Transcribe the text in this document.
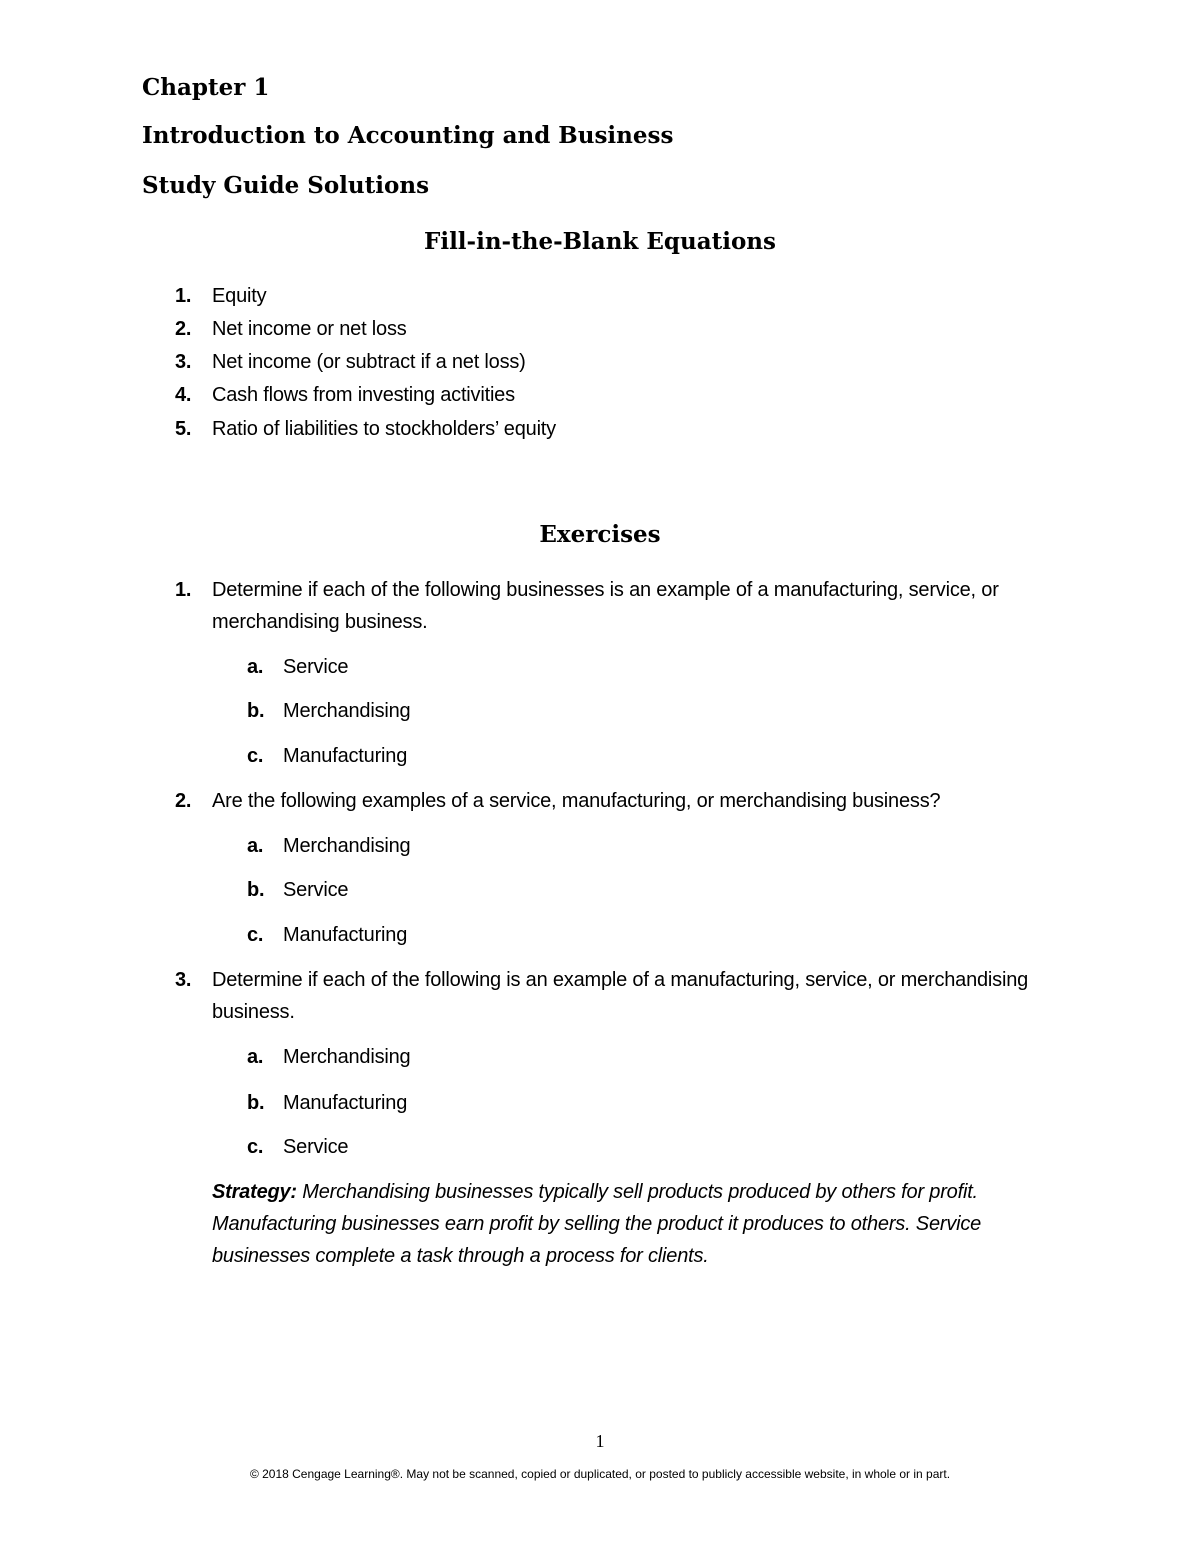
Chapter 1
Introduction to Accounting and Business
Study Guide Solutions
Fill-in-the-Blank Equations
1. Equity
2. Net income or net loss
3. Net income (or subtract if a net loss)
4. Cash flows from investing activities
5. Ratio of liabilities to stockholders’ equity
Exercises
1. Determine if each of the following businesses is an example of a manufacturing, service, or merchandising business.
a. Service
b. Merchandising
c. Manufacturing
2. Are the following examples of a service, manufacturing, or merchandising business?
a. Merchandising
b. Service
c. Manufacturing
3. Determine if each of the following is an example of a manufacturing, service, or merchandising business.
a. Merchandising
b. Manufacturing
c. Service
Strategy: Merchandising businesses typically sell products produced by others for profit. Manufacturing businesses earn profit by selling the product it produces to others. Service businesses complete a task through a process for clients.
1
© 2018 Cengage Learning®. May not be scanned, copied or duplicated, or posted to publicly accessible website, in whole or in part.
